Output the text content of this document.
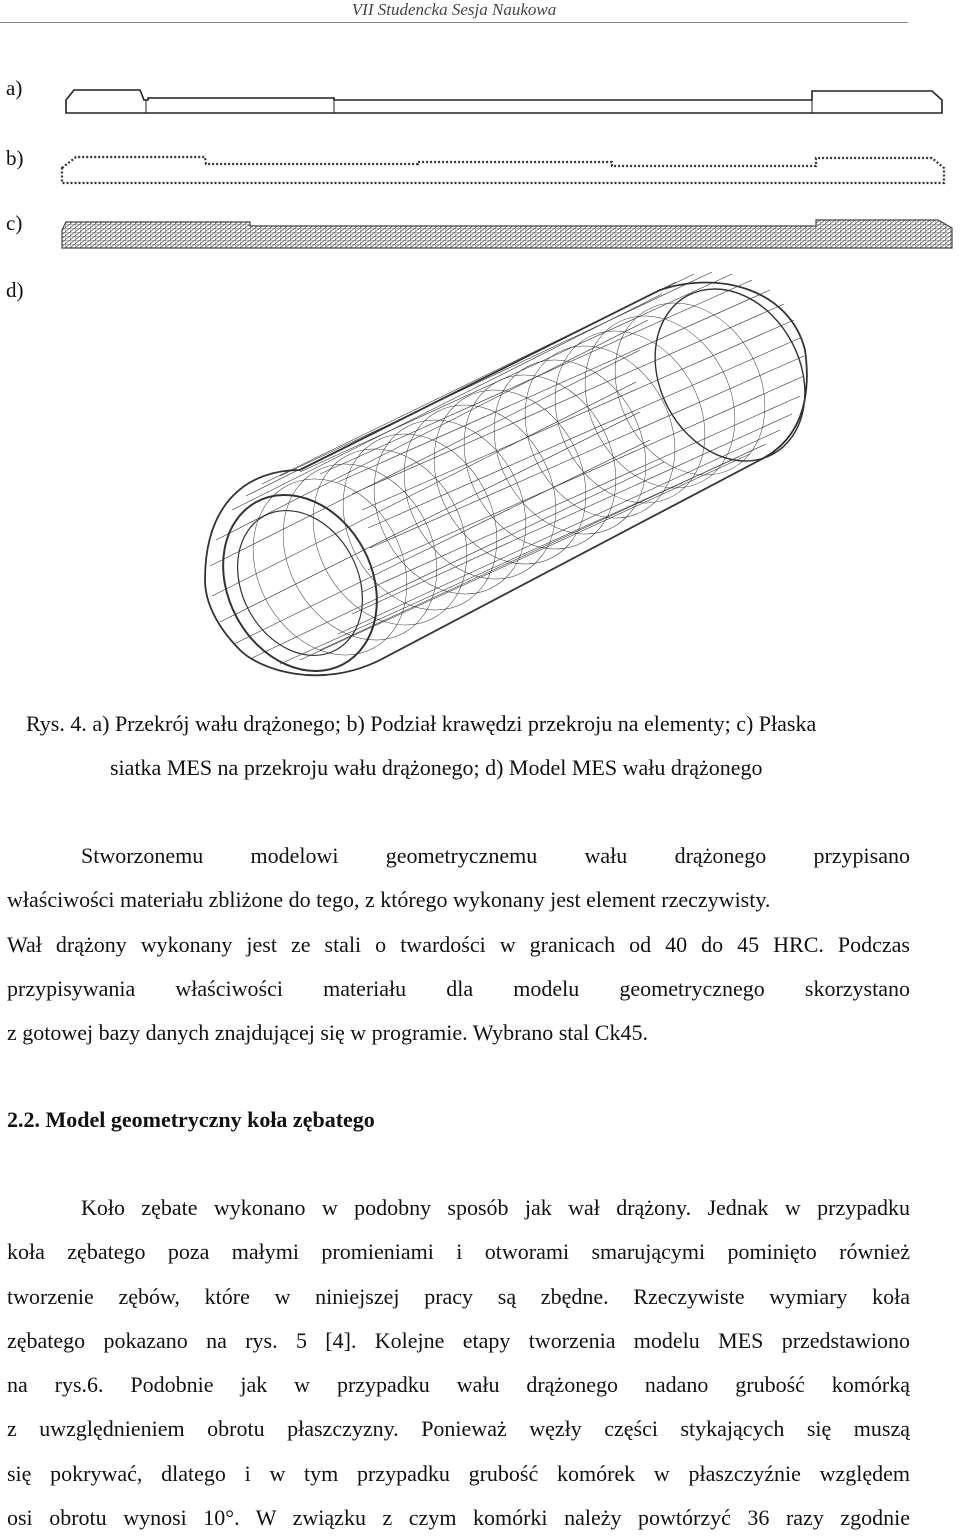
VII Studencka Sesja Naukowa
a)
b)
c)
d)
Rys. 4. a) Przekrój wału drążonego; b) Podział krawędzi przekroju na elementy; c) Płaska
siatka MES na przekroju wału drążonego; d) Model MES wału drążonego
Stworzonemu modelowi geometrycznemu wału drążonego przypisano
właściwości materiału zbliżone do tego, z którego wykonany jest element rzeczywisty.
Wał drążony wykonany jest ze stali o twardości w granicach od 40 do 45 HRC. Podczas
przypisywania właściwości materiału dla modelu geometrycznego skorzystano
z gotowej bazy danych znajdującej się w programie. Wybrano stal Ck45.
2.2. Model geometryczny koła zębatego
Koło zębate wykonano w podobny sposób jak wał drążony. Jednak w przypadku
koła zębatego poza małymi promieniami i otworami smarującymi pominięto również
tworzenie zębów, które w niniejszej pracy są zbędne. Rzeczywiste wymiary koła
zębatego pokazano na rys. 5 [4]. Kolejne etapy tworzenia modelu MES przedstawiono
na rys.6. Podobnie jak w przypadku wału drążonego nadano grubość komórką
z uwzględnieniem obrotu płaszczyzny. Ponieważ węzły części stykających się muszą
się pokrywać, dlatego i w tym przypadku grubość komórek w płaszczyźnie względem
osi obrotu wynosi 10°. W związku z czym komórki należy powtórzyć 36 razy zgodnie
